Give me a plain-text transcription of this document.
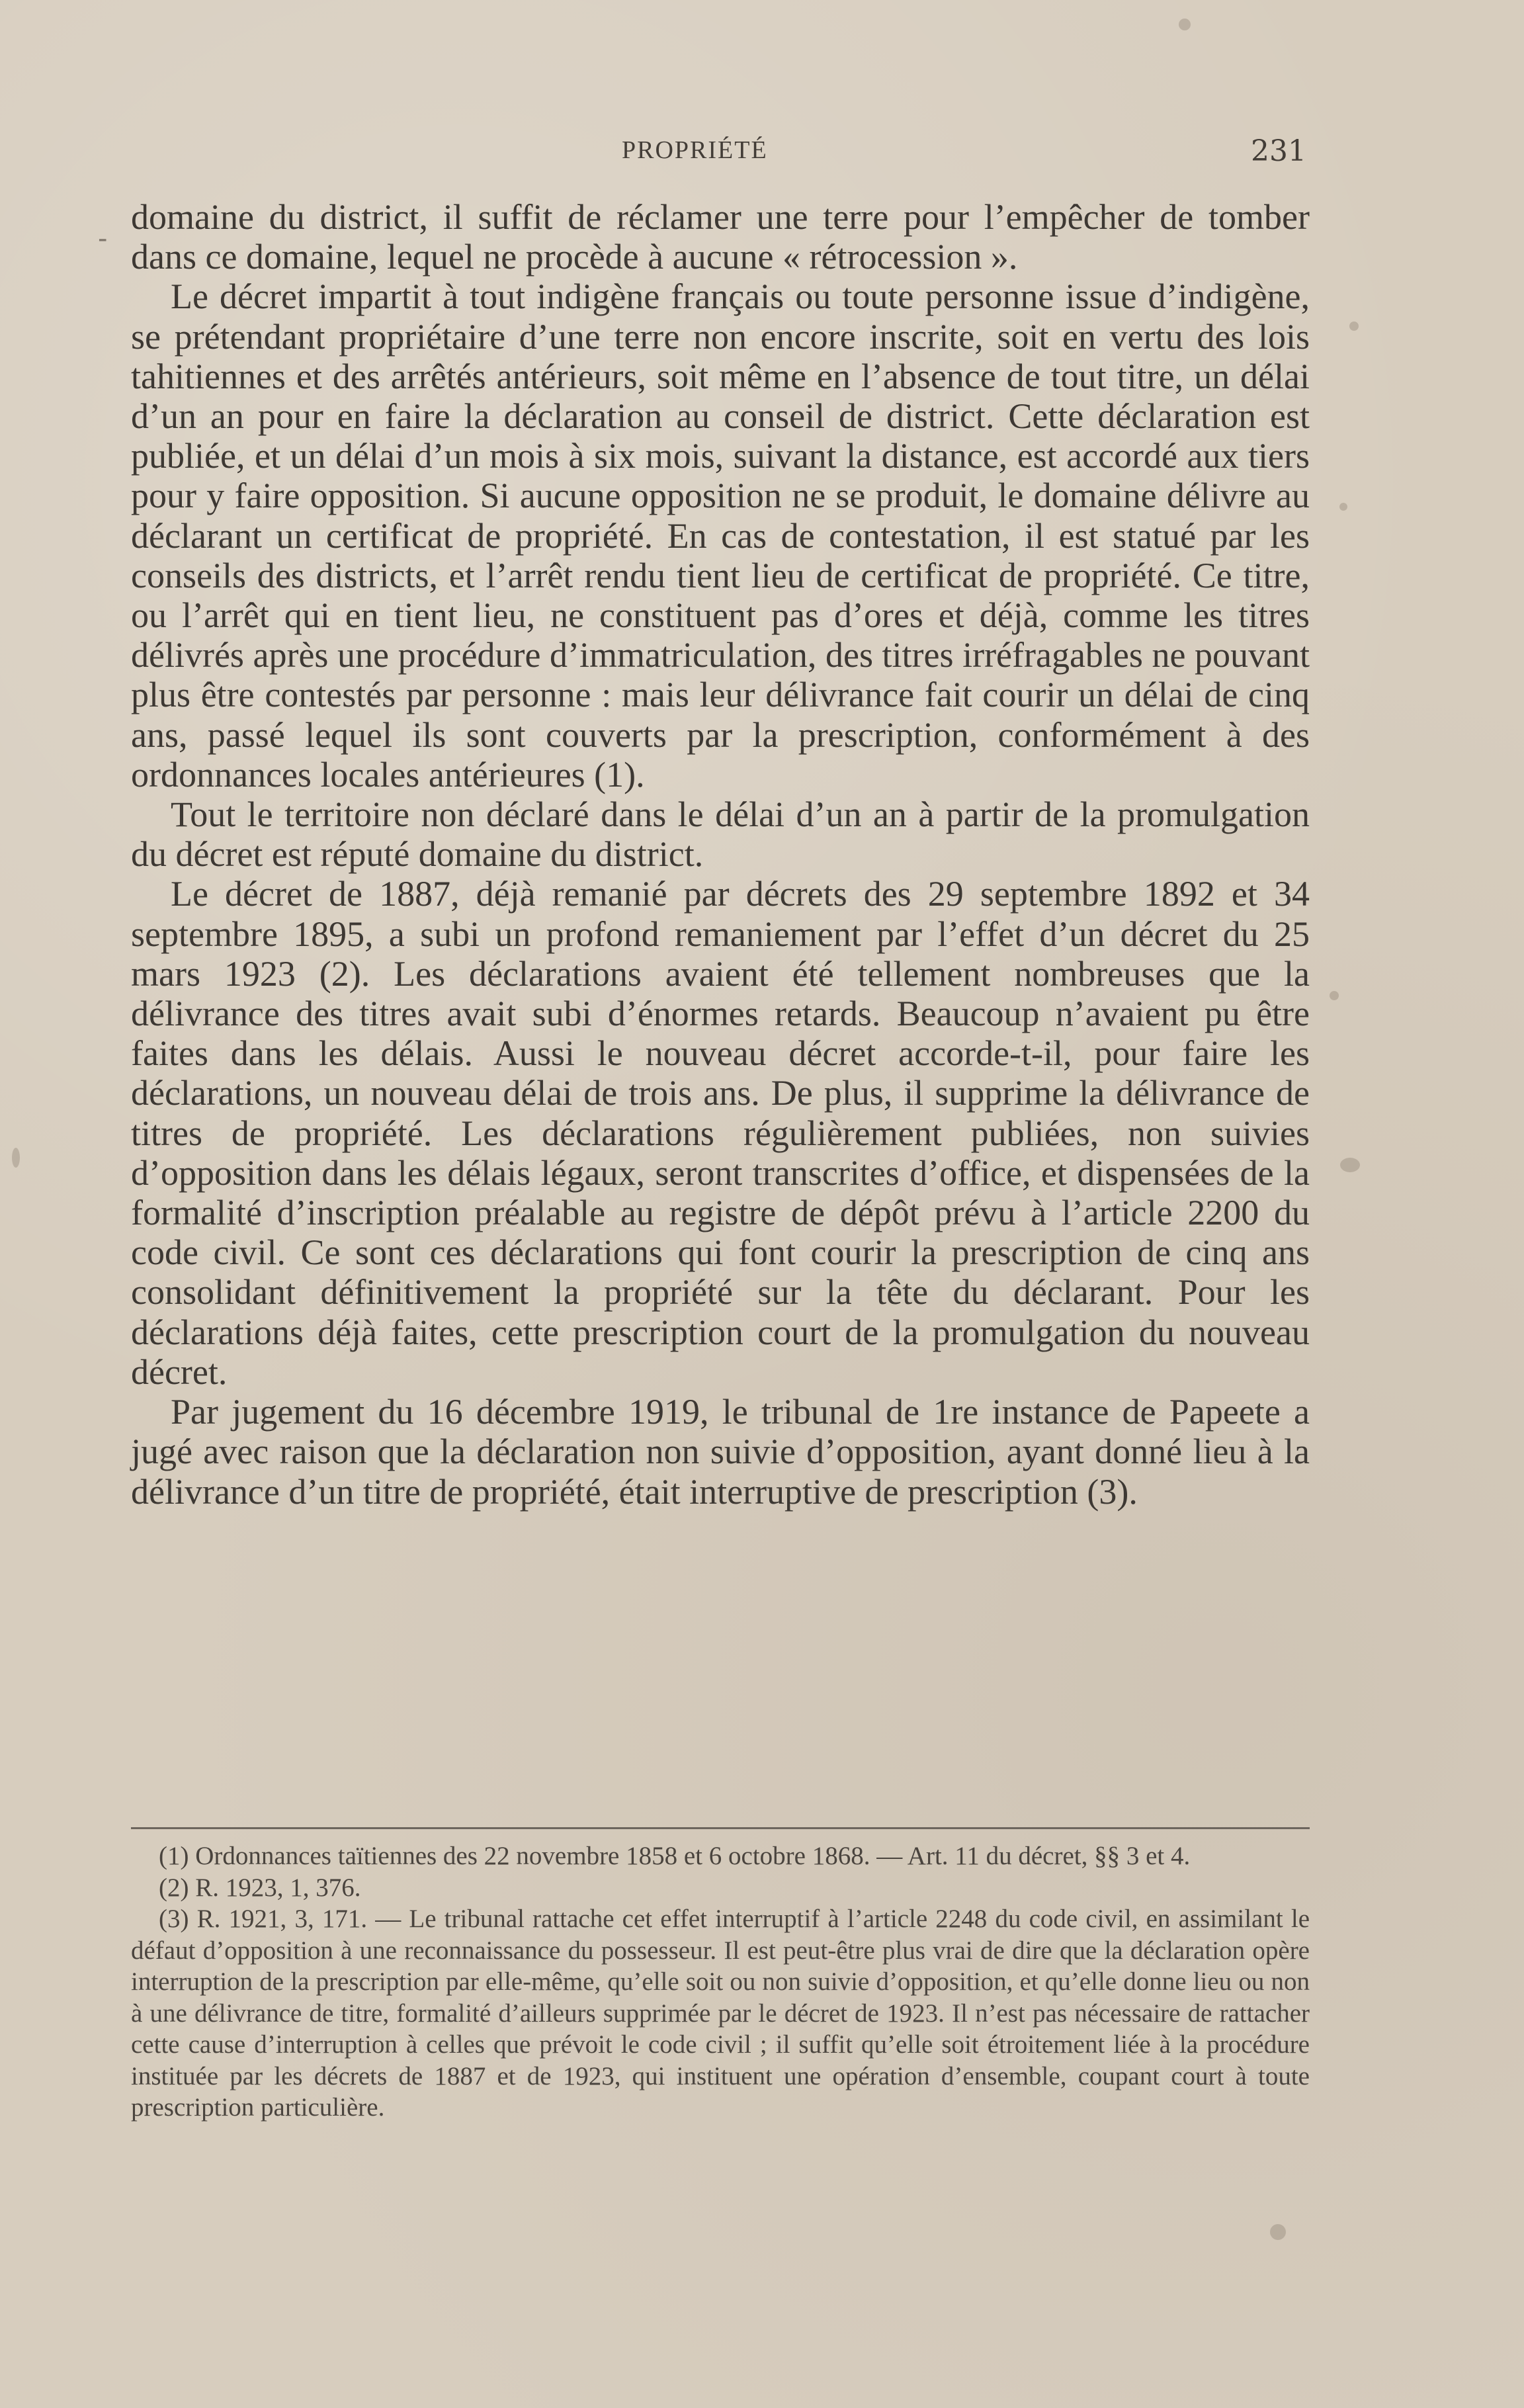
-
PROPRIÉTÉ	231

domaine du district, il suffit de réclamer une terre pour l’empêcher de tomber dans ce domaine, lequel ne procède à aucune « rétrocession ».

Le décret impartit à tout indigène français ou toute personne issue d’indigène, se prétendant propriétaire d’une terre non encore inscrite, soit en vertu des lois tahitiennes et des arrêtés antérieurs, soit même en l’absence de tout titre, un délai d’un an pour en faire la déclaration au conseil de district. Cette déclaration est publiée, et un délai d’un mois à six mois, suivant la distance, est accordé aux tiers pour y faire opposition. Si aucune opposition ne se produit, le domaine délivre au déclarant un certificat de propriété. En cas de contestation, il est statué par les conseils des districts, et l’arrêt rendu tient lieu de certificat de propriété. Ce titre, ou l’arrêt qui en tient lieu, ne constituent pas d’ores et déjà, comme les titres délivrés après une procédure d’immatriculation, des titres irréfragables ne pouvant plus être contestés par personne : mais leur délivrance fait courir un délai de cinq ans, passé lequel ils sont couverts par la prescription, conformément à des ordonnances locales antérieures (1).

Tout le territoire non déclaré dans le délai d’un an à partir de la promulgation du décret est réputé domaine du district.

Le décret de 1887, déjà remanié par décrets des 29 septembre 1892 et 34 septembre 1895, a subi un profond remaniement par l’effet d’un décret du 25 mars 1923 (2). Les déclarations avaient été tellement nombreuses que la délivrance des titres avait subi d’énormes retards. Beaucoup n’avaient pu être faites dans les délais. Aussi le nouveau décret accorde-t-il, pour faire les déclarations, un nouveau délai de trois ans. De plus, il supprime la délivrance de titres de propriété. Les déclarations régulièrement publiées, non suivies d’opposition dans les délais légaux, seront transcrites d’office, et dispensées de la formalité d’inscription préalable au registre de dépôt prévu à l’article 2200 du code civil. Ce sont ces déclarations qui font courir la prescription de cinq ans consolidant définitivement la propriété sur la tête du déclarant. Pour les déclarations déjà faites, cette prescription court de la promulgation du nouveau décret.

Par jugement du 16 décembre 1919, le tribunal de 1re instance de Papeete a jugé avec raison que la déclaration non suivie d’opposition, ayant donné lieu à la délivrance d’un titre de propriété, était interruptive de prescription (3).

(1) Ordonnances taïtiennes des 22 novembre 1858 et 6 octobre 1868. — Art. 11 du décret, §§ 3 et 4.

(2) R. 1923, 1, 376.

(3) R. 1921, 3, 171. — Le tribunal rattache cet effet interruptif à l’article 2248 du code civil, en assimilant le défaut d’opposition à une reconnaissance du possesseur. Il est peut-être plus vrai de dire que la déclaration opère interruption de la prescription par elle-même, qu’elle soit ou non suivie d’opposition, et qu’elle donne lieu ou non à une délivrance de titre, formalité d’ailleurs supprimée par le décret de 1923. Il n’est pas nécessaire de rattacher cette cause d’interruption à celles que prévoit le code civil ; il suffit qu’elle soit étroitement liée à la procédure instituée par les décrets de 1887 et de 1923, qui instituent une opération d’ensemble, coupant court à toute prescription particulière.
